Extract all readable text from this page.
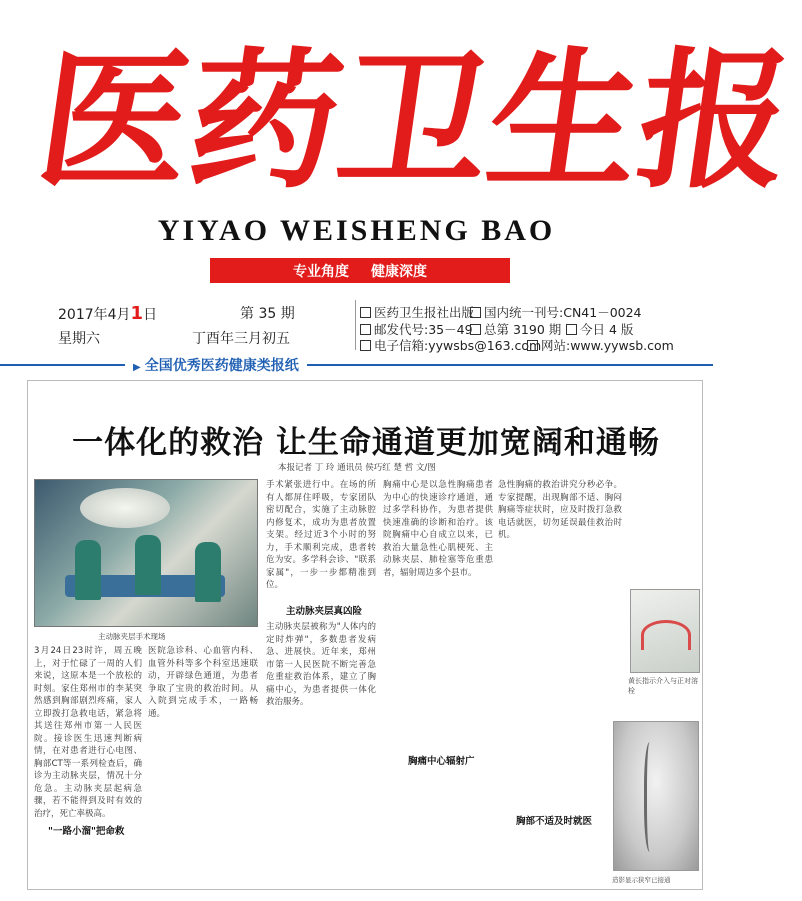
医
药
卫
生
报
YIYAO WEISHENG BAO
专业角度 健康深度
2017年4月1日	第 35 期
星期六	丁酉年三月初五
医药卫生报社出版 国内统一刊号:CN41－0024
邮发代号:35－49 总第 3190 期	今日 4 版
电子信箱:yywsbs@163.com 网站:www.yywsb.com
▶ 全国优秀医药健康类报纸
一体化的救治 让生命通道更加宽阔和通畅
本报记者 丁 玲 通讯员 侯巧红 楚 哲 文/图
主动脉夹层手术现场
3月24日23时许，周五晚上，对于忙碌了一周的人们来说，这原本是一个放松的时刻。家住郑州市的李某突然感到胸部剧烈疼痛，家人立即拨打急救电话，紧急将其送往郑州市第一人民医院。接诊医生迅速判断病情，在对患者进行心电图、胸部CT等一系列检查后，确诊为主动脉夹层，情况十分危急。主动脉夹层起病急骤，若不能得到及时有效的治疗，死亡率极高。
医院急诊科、心血管内科、血管外科等多个科室迅速联动，开辟绿色通道，为患者争取了宝贵的救治时间。从入院到完成手术，一路畅通。
"一路小溜"把命救
手术紧张进行中。在场的所有人都屏住呼吸，专家团队密切配合，实施了主动脉腔内修复术，成功为患者放置支架。经过近3个小时的努力，手术顺利完成，患者转危为安。多学科会诊、"联系家属"，一步一步都精准到位。
主动脉夹层真凶险
主动脉夹层被称为"人体内的定时炸弹"，多数患者发病急、进展快。近年来，郑州市第一人民医院不断完善急危重症救治体系，建立了胸痛中心，为患者提供一体化救治服务。
胸痛中心是以急性胸痛患者为中心的快速诊疗通道，通过多学科协作，为患者提供快速准确的诊断和治疗。该院胸痛中心自成立以来，已救治大量急性心肌梗死、主动脉夹层、肺栓塞等危重患者，辐射周边多个县市。
胸痛中心辐射广
急性胸痛的救治讲究分秒必争。专家提醒，出现胸部不适、胸闷胸痛等症状时，应及时拨打急救电话就医，切勿延误最佳救治时机。
胸部不适及时就医
黄长指示介入与正对溶栓
造影显示狭窄已接通
